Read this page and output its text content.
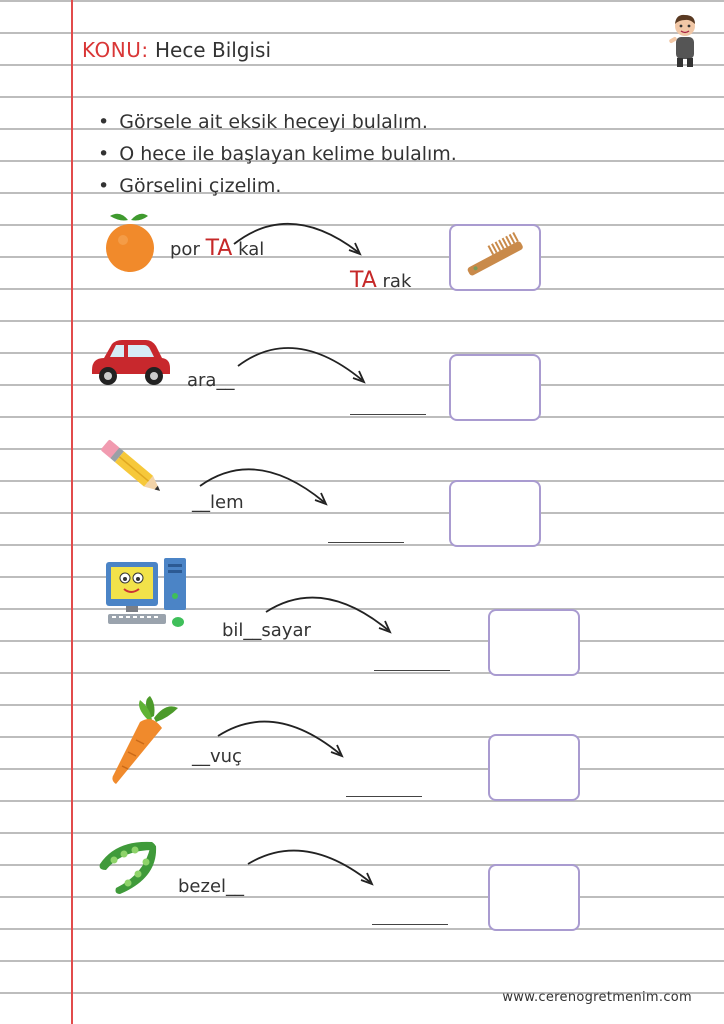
KONU: Hece Bilgisi
• Görsele ait eksik heceyi bulalım.
• O hece ile başlayan kelime bulalım.
• Görselini çizelim.
por TA kal
TA rak
ara__
__lem
bil__sayar
__vuç
bezel__
www.cerenogretmenim.com
